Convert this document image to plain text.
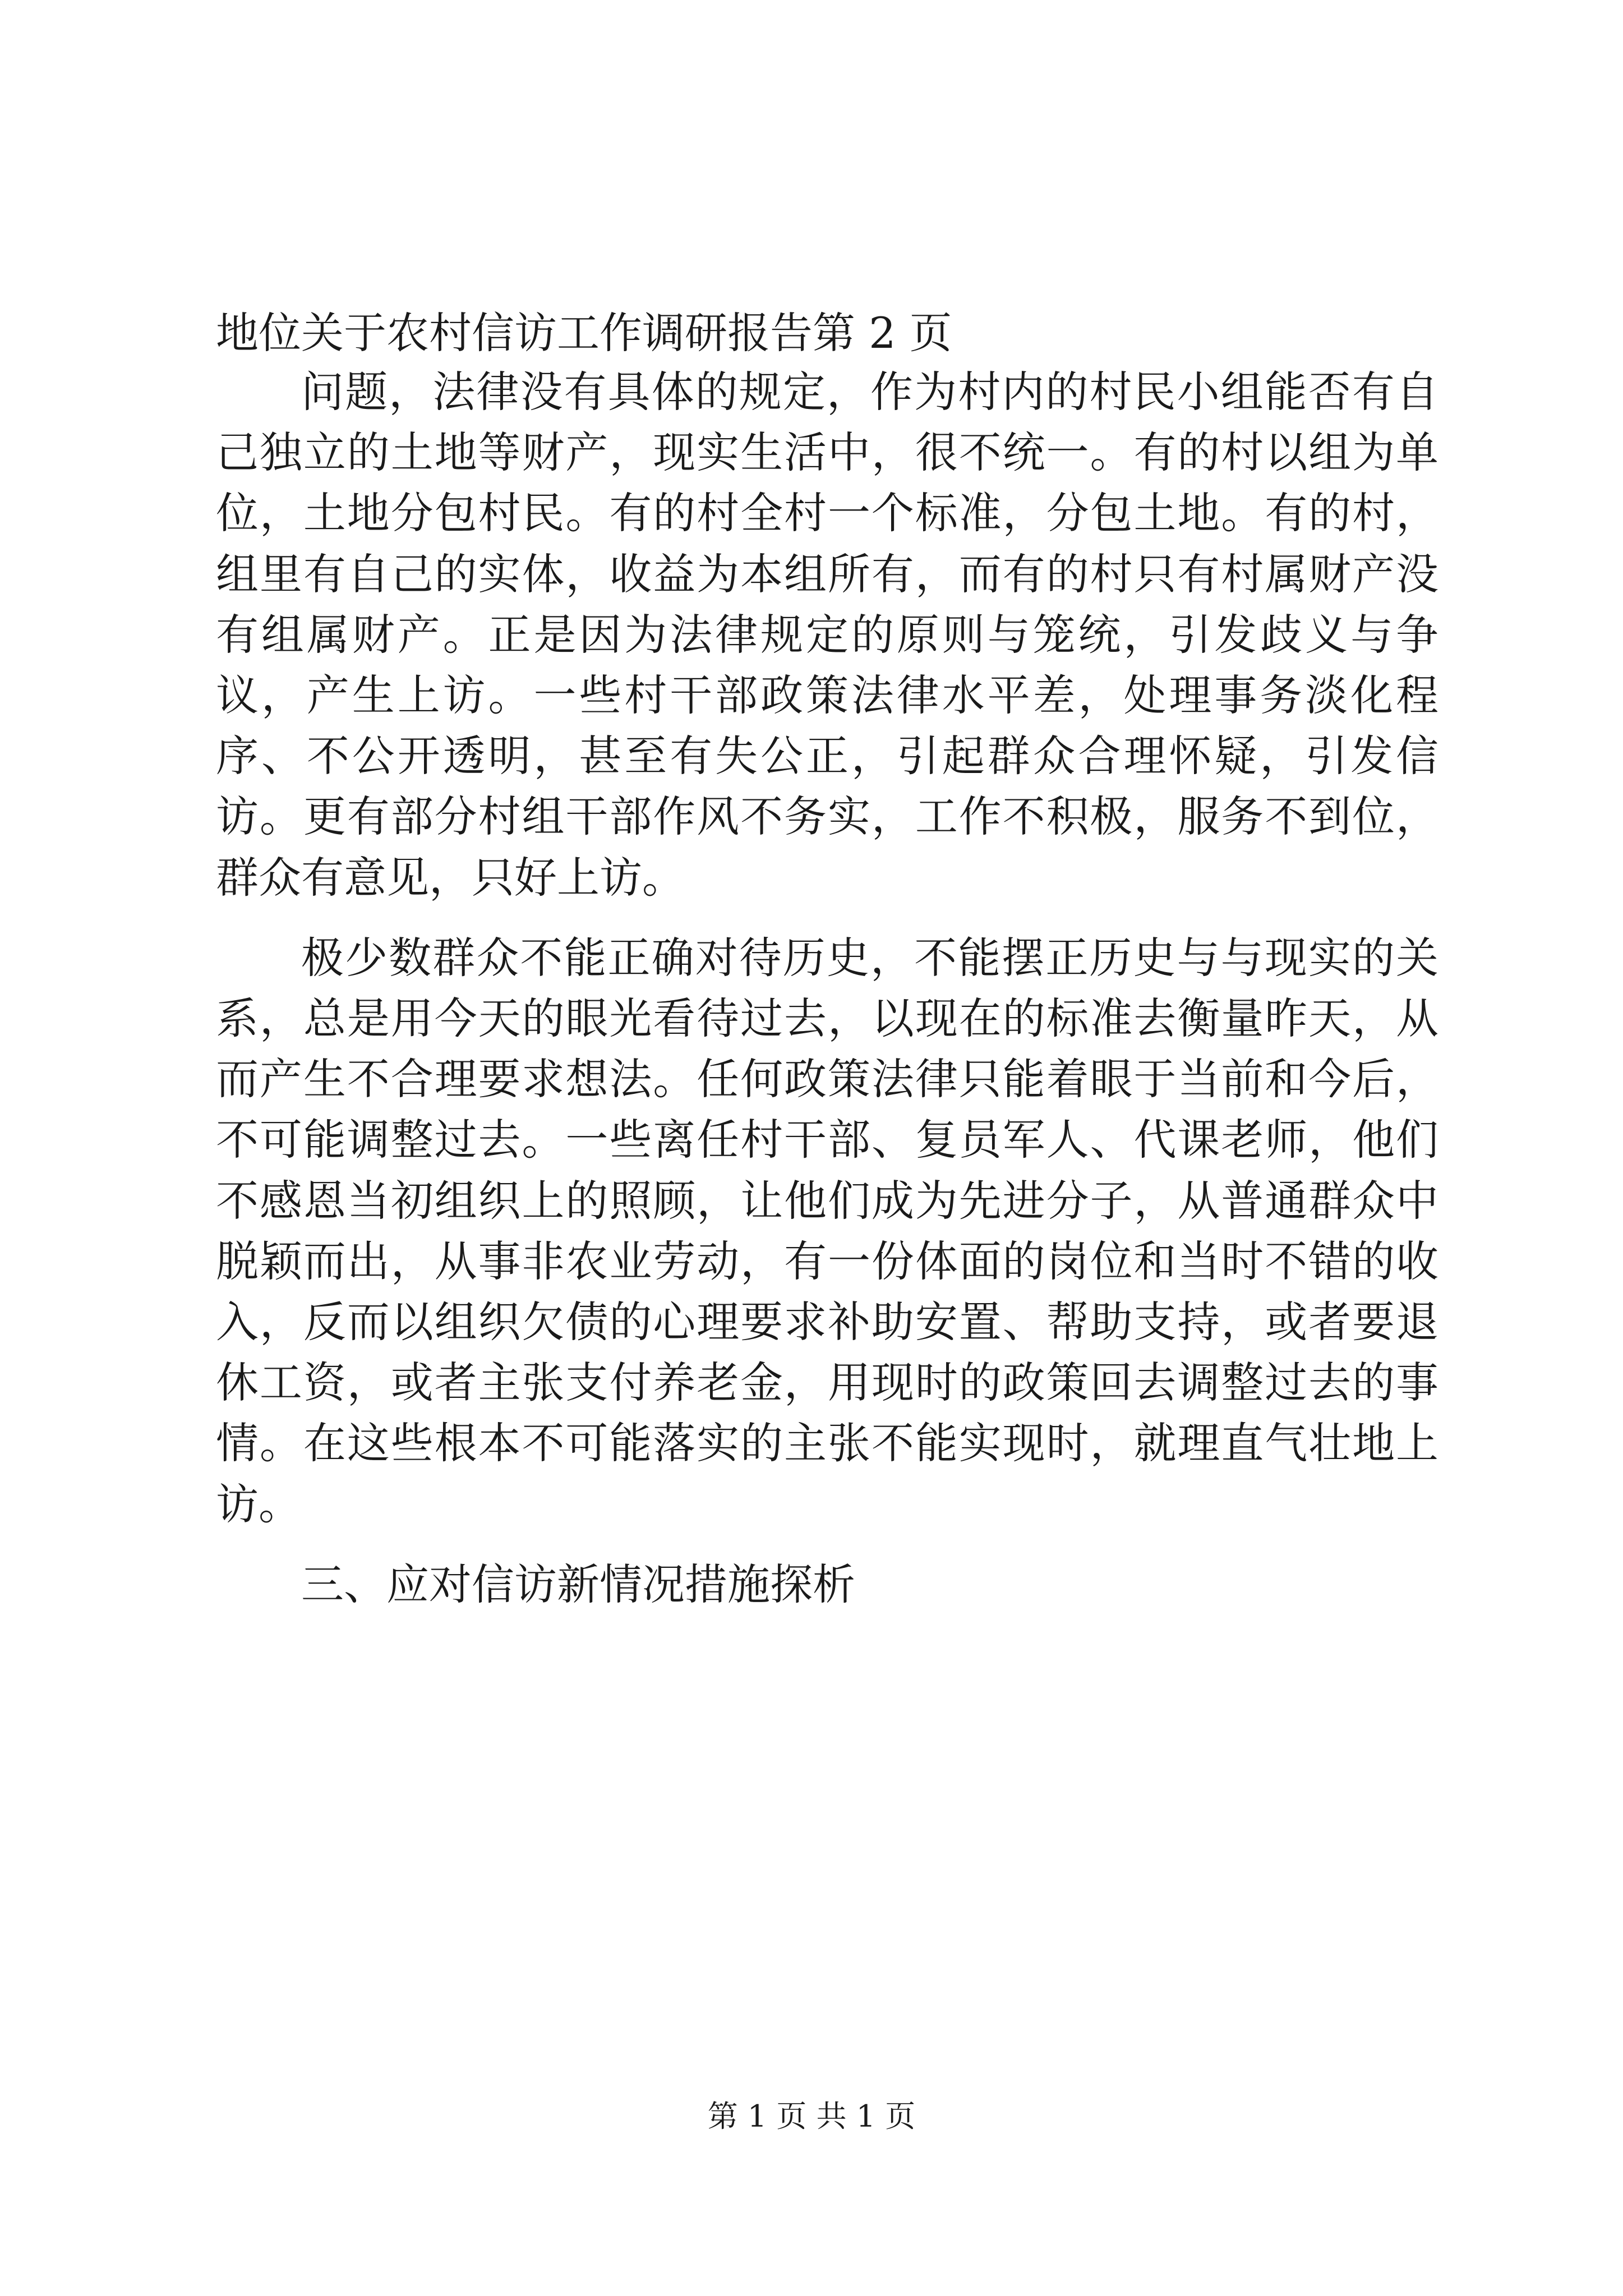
地位关于农村信访工作调研报告第 2 页

问题，法律没有具体的规定，作为村内的村民小组能否有自己独立的土地等财产，现实生活中，很不统一。有的村以组为单位，土地分包村民。有的村全村一个标准，分包土地。有的村，组里有自己的实体，收益为本组所有，而有的村只有村属财产没有组属财产。正是因为法律规定的原则与笼统，引发歧义与争议，产生上访。一些村干部政策法律水平差，处理事务淡化程序、不公开透明，甚至有失公正，引起群众合理怀疑，引发信访。更有部分村组干部作风不务实，工作不积极，服务不到位，群众有意见，只好上访。

极少数群众不能正确对待历史，不能摆正历史与与现实的关系，总是用今天的眼光看待过去，以现在的标准去衡量昨天，从而产生不合理要求想法。任何政策法律只能着眼于当前和今后，不可能调整过去。一些离任村干部、复员军人、代课老师，他们不感恩当初组织上的照顾，让他们成为先进分子，从普通群众中脱颖而出，从事非农业劳动，有一份体面的岗位和当时不错的收入，反而以组织欠债的心理要求补助安置、帮助支持，或者要退休工资，或者主张支付养老金，用现时的政策回去调整过去的事情。在这些根本不可能落实的主张不能实现时，就理直气壮地上访。

三、应对信访新情况措施探析

第 1 页 共 1 页
